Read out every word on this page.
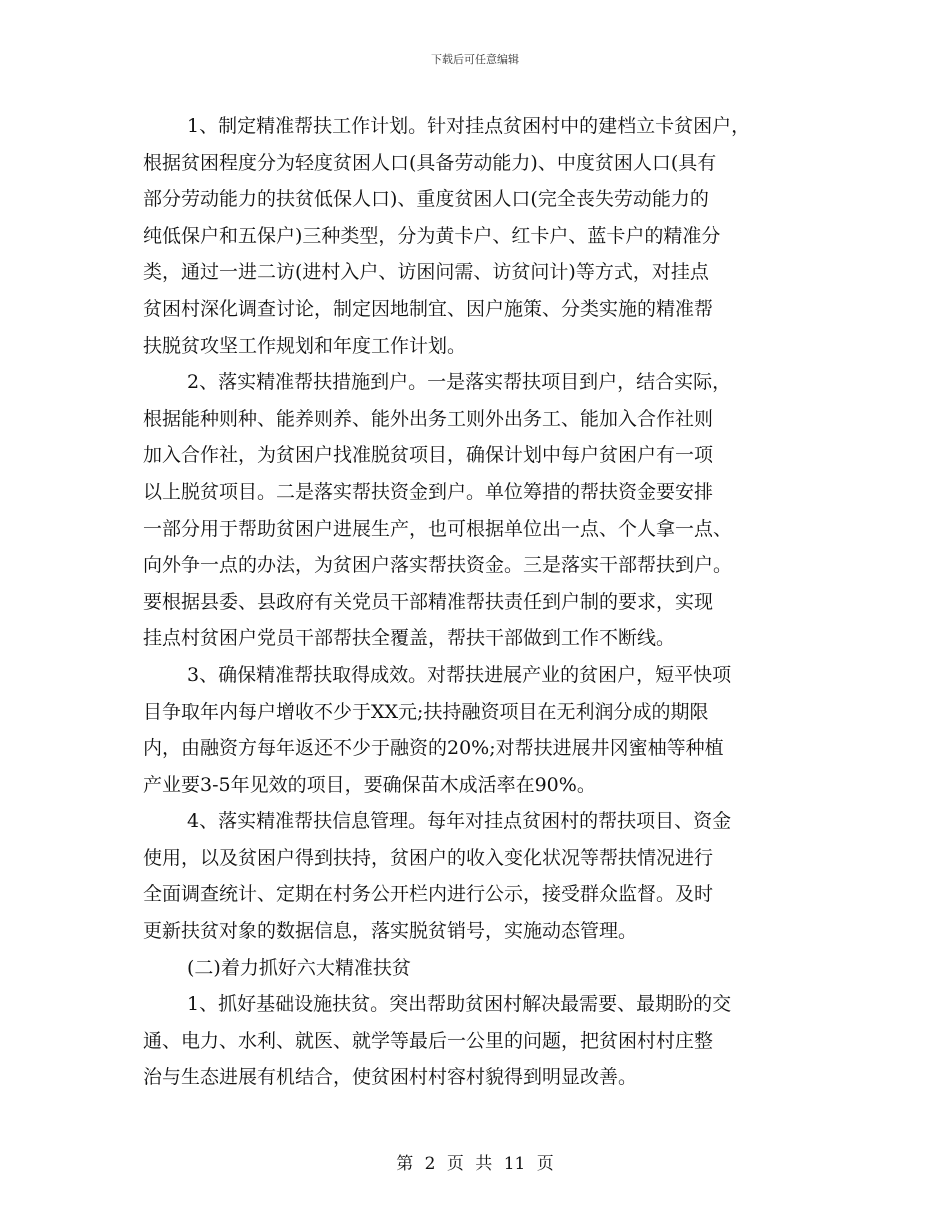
下载后可任意编辑
1、制定精准帮扶工作计划。针对挂点贫困村中的建档立卡贫困户，
根据贫困程度分为轻度贫困人口(具备劳动能力)、中度贫困人口(具有
部分劳动能力的扶贫低保人口)、重度贫困人口(完全丧失劳动能力的
纯低保户和五保户)三种类型，分为黄卡户、红卡户、蓝卡户的精准分
类，通过一进二访(进村入户、访困问需、访贫问计)等方式，对挂点
贫困村深化调查讨论，制定因地制宜、因户施策、分类实施的精准帮
扶脱贫攻坚工作规划和年度工作计划。
2、落实精准帮扶措施到户。一是落实帮扶项目到户，结合实际，
根据能种则种、能养则养、能外出务工则外出务工、能加入合作社则
加入合作社，为贫困户找准脱贫项目，确保计划中每户贫困户有一项
以上脱贫项目。二是落实帮扶资金到户。单位筹措的帮扶资金要安排
一部分用于帮助贫困户进展生产，也可根据单位出一点、个人拿一点、
向外争一点的办法，为贫困户落实帮扶资金。三是落实干部帮扶到户。
要根据县委、县政府有关党员干部精准帮扶责任到户制的要求，实现
挂点村贫困户党员干部帮扶全覆盖，帮扶干部做到工作不断线。
3、确保精准帮扶取得成效。对帮扶进展产业的贫困户，短平快项
目争取年内每户增收不少于XX元;扶持融资项目在无利润分成的期限
内，由融资方每年返还不少于融资的20%;对帮扶进展井冈蜜柚等种植
产业要3-5年见效的项目，要确保苗木成活率在90%。
4、落实精准帮扶信息管理。每年对挂点贫困村的帮扶项目、资金
使用，以及贫困户得到扶持，贫困户的收入变化状况等帮扶情况进行
全面调查统计、定期在村务公开栏内进行公示，接受群众监督。及时
更新扶贫对象的数据信息，落实脱贫销号，实施动态管理。
(二)着力抓好六大精准扶贫
1、抓好基础设施扶贫。突出帮助贫困村解决最需要、最期盼的交
通、电力、水利、就医、就学等最后一公里的问题，把贫困村村庄整
治与生态进展有机结合，使贫困村村容村貌得到明显改善。
第 2 页 共 11 页
